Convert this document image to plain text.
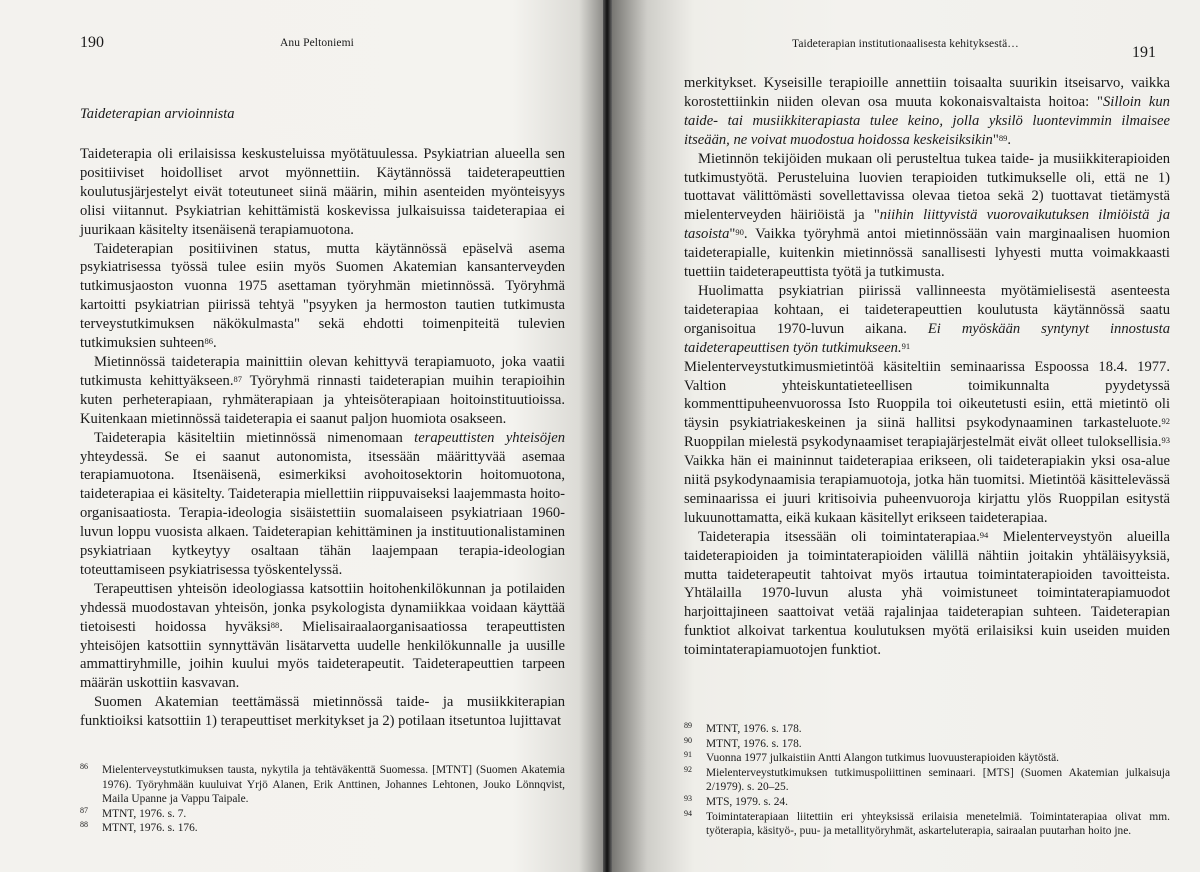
190	Anu Peltoniemi
Taideterapian arvioinnista

Taideterapia oli erilaisissa keskusteluissa myötätuulessa. Psykiatrian alueella sen positiiviset hoidolliset arvot myönnettiin. Käytännössä taideterapeuttien koulutusjärjestelyt eivät toteutuneet siinä määrin, mihin asenteiden myönteisyys olisi viitannut. Psykiatrian kehittämistä koskevissa julkaisuissa taideterapiaa ei juurikaan käsitelty itsenäisenä terapiamuotona.

Taideterapian positiivinen status, mutta käytännössä epäselvä asema psykiatrisessa työssä tulee esiin myös Suomen Akatemian kansanterveyden tutkimusjaoston vuonna 1975 asettaman työryhmän mietinnössä. Työryhmä kartoitti psykiatrian piirissä tehtyä "psyyken ja hermoston tautien tutkimusta terveystutkimuksen näkökulmasta" sekä ehdotti toimenpiteitä tulevien tutkimuksien suhteen$^{86}$.

Mietinnössä taideterapia mainittiin olevan kehittyvä terapiamuoto, joka vaatii tutkimusta kehittyäkseen.$^{87}$ Työryhmä rinnasti taideterapian muihin terapioihin kuten perheterapiaan, ryhmäterapiaan ja yhteisöterapiaan hoitoinstituutioissa. Kuitenkaan mietinnössä taideterapia ei saanut paljon huomiota osakseen.

Taideterapia käsiteltiin mietinnössä nimenomaan terapeuttisten yhteisöjen yhteydessä. Se ei saanut autonomista, itsessään määrittyvää asemaa terapiamuotona. Itsenäisenä, esimerkiksi avohoitosektorin hoitomuotona, taideterapiaa ei käsitelty. Taideterapia miellettiin riippuvaiseksi laajemmasta hoito-organisaatiosta. Terapia-ideologia sisäistettiin suomalaiseen psykiatriaan 1960-luvun loppu vuosista alkaen. Taideterapian kehittäminen ja instituutionalistaminen psykiatriaan kytkeytyy osaltaan tähän laajempaan terapia-ideologian toteuttamiseen psykiatrisessa työskentelyssä.

Terapeuttisen yhteisön ideologiassa katsottiin hoitohenkilökunnan ja potilaiden yhdessä muodostavan yhteisön, jonka psykologista dynamiikkaa voidaan käyttää tietoisesti hoidossa hyväksi$^{88}$. Mielisairaalaorganisaatiossa terapeuttisten yhteisöjen katsottiin synnyttävän lisätarvetta uudelle henkilökunnalle ja uusille ammattiryhmille, joihin kuului myös taideterapeutit. Taideterapeuttien tarpeen määrän uskottiin kasvavan.

Suomen Akatemian teettämässä mietinnössä taide- ja musiikkiterapian funktioiksi katsottiin 1) terapeuttiset merkitykset ja 2) potilaan itsetuntoa lujittavat

86	Mielenterveystutkimuksen tausta, nykytila ja tehtäväkenttä Suomessa. [MTNT] (Suomen Akatemia 1976). Työryhmään kuuluivat Yrjö Alanen, Erik Anttinen, Johannes Lehtonen, Jouko Lönnqvist, Maila Upanne ja Vappu Taipale.
87	MTNT, 1976. s. 7.
88	MTNT, 1976. s. 176.
Taideterapian institutionaalisesta kehityksestä…	191

merkitykset. Kyseisille terapioille annettiin toisaalta suurikin itseisarvo, vaikka korostettiinkin niiden olevan osa muuta kokonaisvaltaista hoitoa: "Silloin kun taide- tai musiikkiterapiasta tulee keino, jolla yksilö luontevimmin ilmaisee itseään, ne voivat muodostua hoidossa keskeisiksikin"$^{89}$.

Mietinnön tekijöiden mukaan oli perusteltua tukea taide- ja musiikkiterapioiden tutkimustyötä. Perusteluina luovien terapioiden tutkimukselle oli, että ne 1) tuottavat välittömästi sovellettavissa olevaa tietoa sekä 2) tuottavat tietämystä mielenterveyden häiriöistä ja "niihin liittyvistä vuorovaikutuksen ilmiöistä ja tasoista"$^{90}$. Vaikka työryhmä antoi mietinnössään vain marginaalisen huomion taideterapialle, kuitenkin mietinnössä sanallisesti lyhyesti mutta voimakkaasti tuettiin taideterapeuttista työtä ja tutkimusta.

Huolimatta psykiatrian piirissä vallinneesta myötämielisestä asenteesta taideterapiaa kohtaan, ei taideterapeuttien koulutusta käytännössä saatu organisoitua 1970-luvun aikana. Ei myöskään syntynyt innostusta taideterapeuttisen työn tutkimukseen.$^{91}$

Mielenterveystutkimusmietintöä käsiteltiin seminaarissa Espoossa 18.4. 1977. Valtion yhteiskuntatieteellisen toimikunnalta pyydetyssä kommenttipuheenvuorossa Isto Ruoppila toi oikeutetusti esiin, että mietintö oli täysin psykiatriakeskeinen ja siinä hallitsi psykodynaaminen tarkasteluote.$^{92}$ Ruoppilan mielestä psykodynaamiset terapiajärjestelmät eivät olleet tuloksellisia.$^{93}$ Vaikka hän ei maininnut taideterapiaa erikseen, oli taideterapiakin yksi osa-alue niitä psykodynaamisia terapiamuotoja, jotka hän tuomitsi. Mietintöä käsittelevässä seminaarissa ei juuri kritisoivia puheenvuoroja kirjattu ylös Ruoppilan esitystä lukuunottamatta, eikä kukaan käsitellyt erikseen taideterapiaa.

Taideterapia itsessään oli toimintaterapiaa.$^{94}$ Mielenterveystyön alueilla taideterapioiden ja toimintaterapioiden välillä nähtiin joitakin yhtäläisyyksiä, mutta taideterapeutit tahtoivat myös irtautua toimintaterapioiden tavoitteista. Yhtälailla 1970-luvun alusta yhä voimistuneet toimintaterapiamuodot harjoittajineen saattoivat vetää rajalinjaa taideterapian suhteen. Taideterapian funktiot alkoivat tarkentua koulutuksen myötä erilaisiksi kuin useiden muiden toimintaterapiamuotojen funktiot.

89	MTNT, 1976. s. 178.
90	MTNT, 1976. s. 178.
91	Vuonna 1977 julkaistiin Antti Alangon tutkimus luovuusterapioiden käytöstä.
92	Mielenterveystutkimuksen tutkimuspoliittinen seminaari. [MTS] (Suomen Akatemian julkaisuja 2/1979). s. 20–25.
93	MTS, 1979. s. 24.
94	Toimintaterapiaan liitettiin eri yhteyksissä erilaisia menetelmiä. Toimintaterapiaa olivat mm. työterapia, käsityö-, puu- ja metallityöryhmät, askarteluterapia, sairaalan puutarhan hoito jne.
